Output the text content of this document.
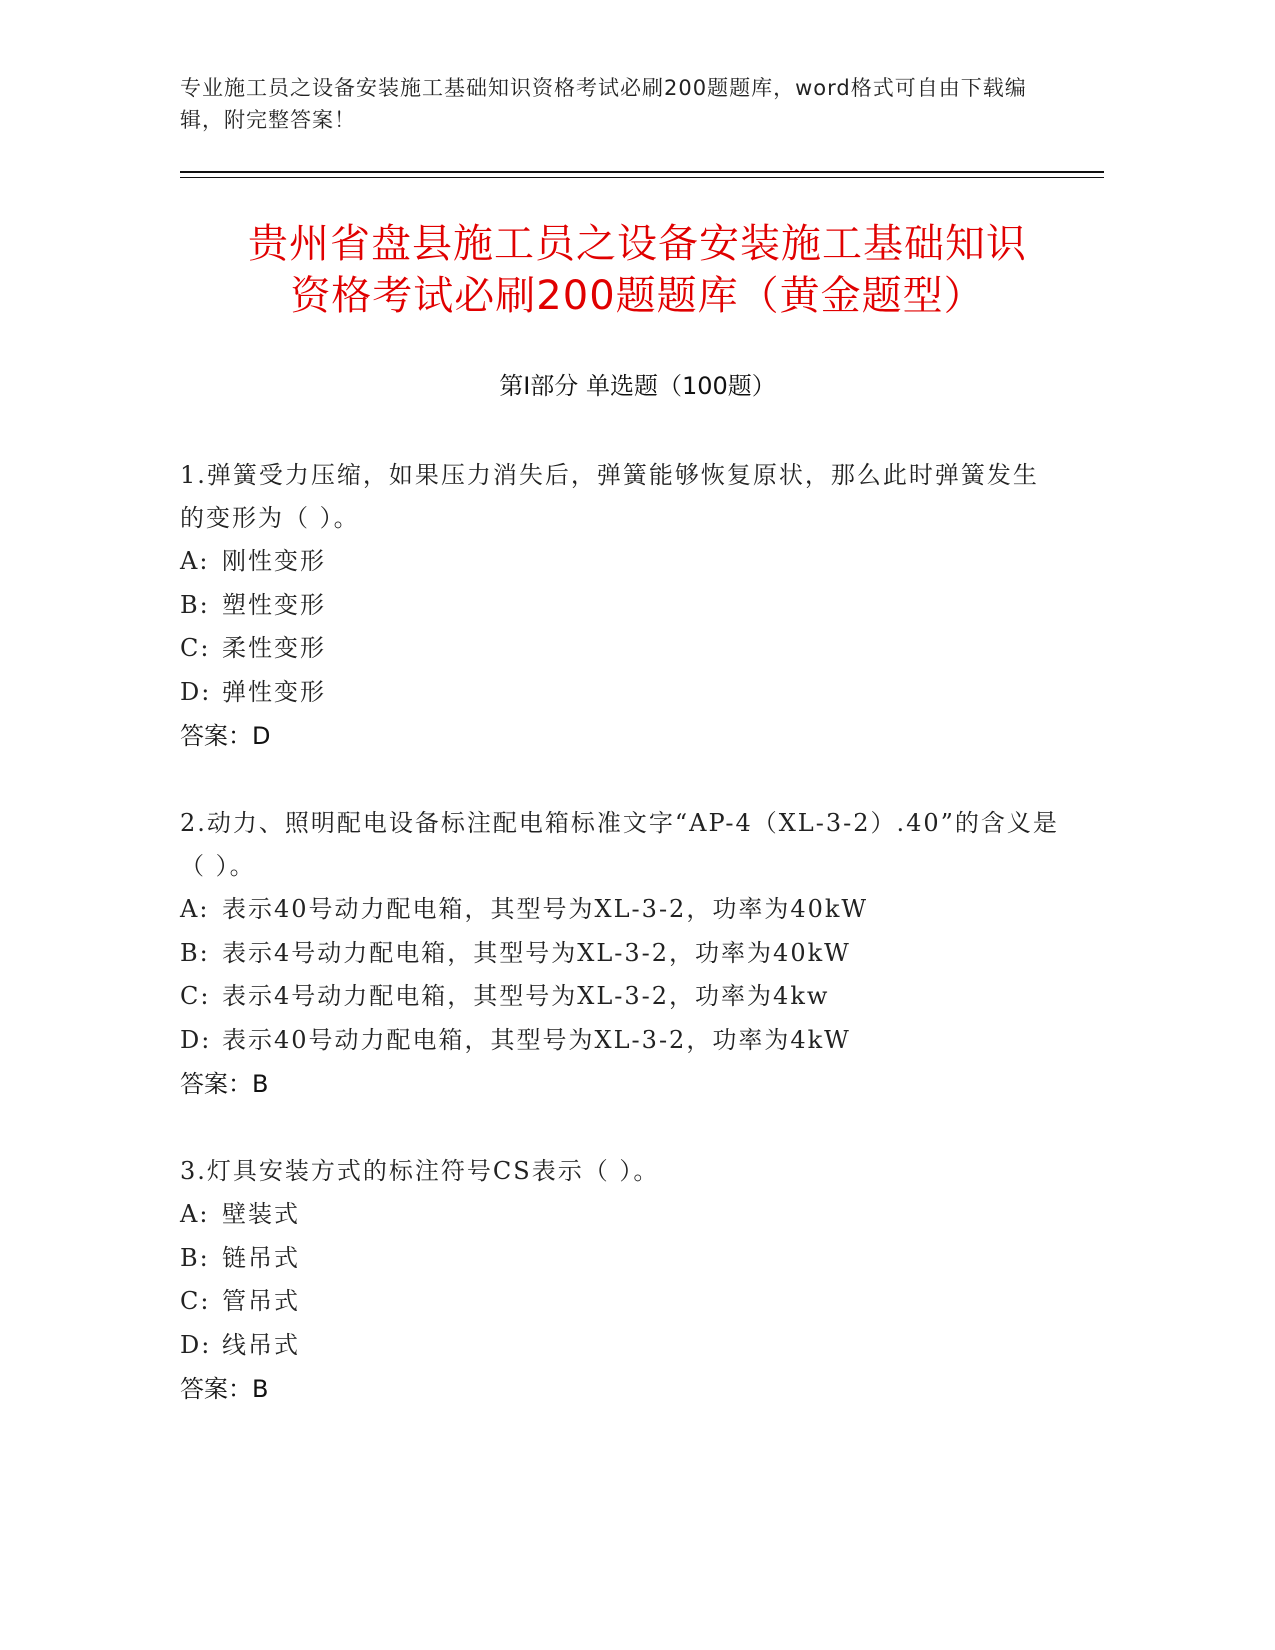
专业施工员之设备安装施工基础知识资格考试必刷200题题库，word格式可自由下载编辑，附完整答案！
贵州省盘县施工员之设备安装施工基础知识
资格考试必刷200题题库（黄金题型）
第Ⅰ部分 单选题（100题）

1.弹簧受力压缩，如果压力消失后，弹簧能够恢复原状，那么此时弹簧发生的变形为（ ）。

A: 刚性变形

B: 塑性变形

C: 柔性变形

D: 弹性变形

答案：D

2.动力、照明配电设备标注配电箱标准文字“AP-4（XL-3-2）.40”的含义是（ ）。

A: 表示40号动力配电箱，其型号为XL-3-2，功率为40kW

B: 表示4号动力配电箱，其型号为XL-3-2，功率为40kW

C: 表示4号动力配电箱，其型号为XL-3-2，功率为4kw

D: 表示40号动力配电箱，其型号为XL-3-2，功率为4kW

答案：B

3.灯具安装方式的标注符号CS表示（ ）。

A: 壁装式

B: 链吊式

C: 管吊式

D: 线吊式

答案：B
